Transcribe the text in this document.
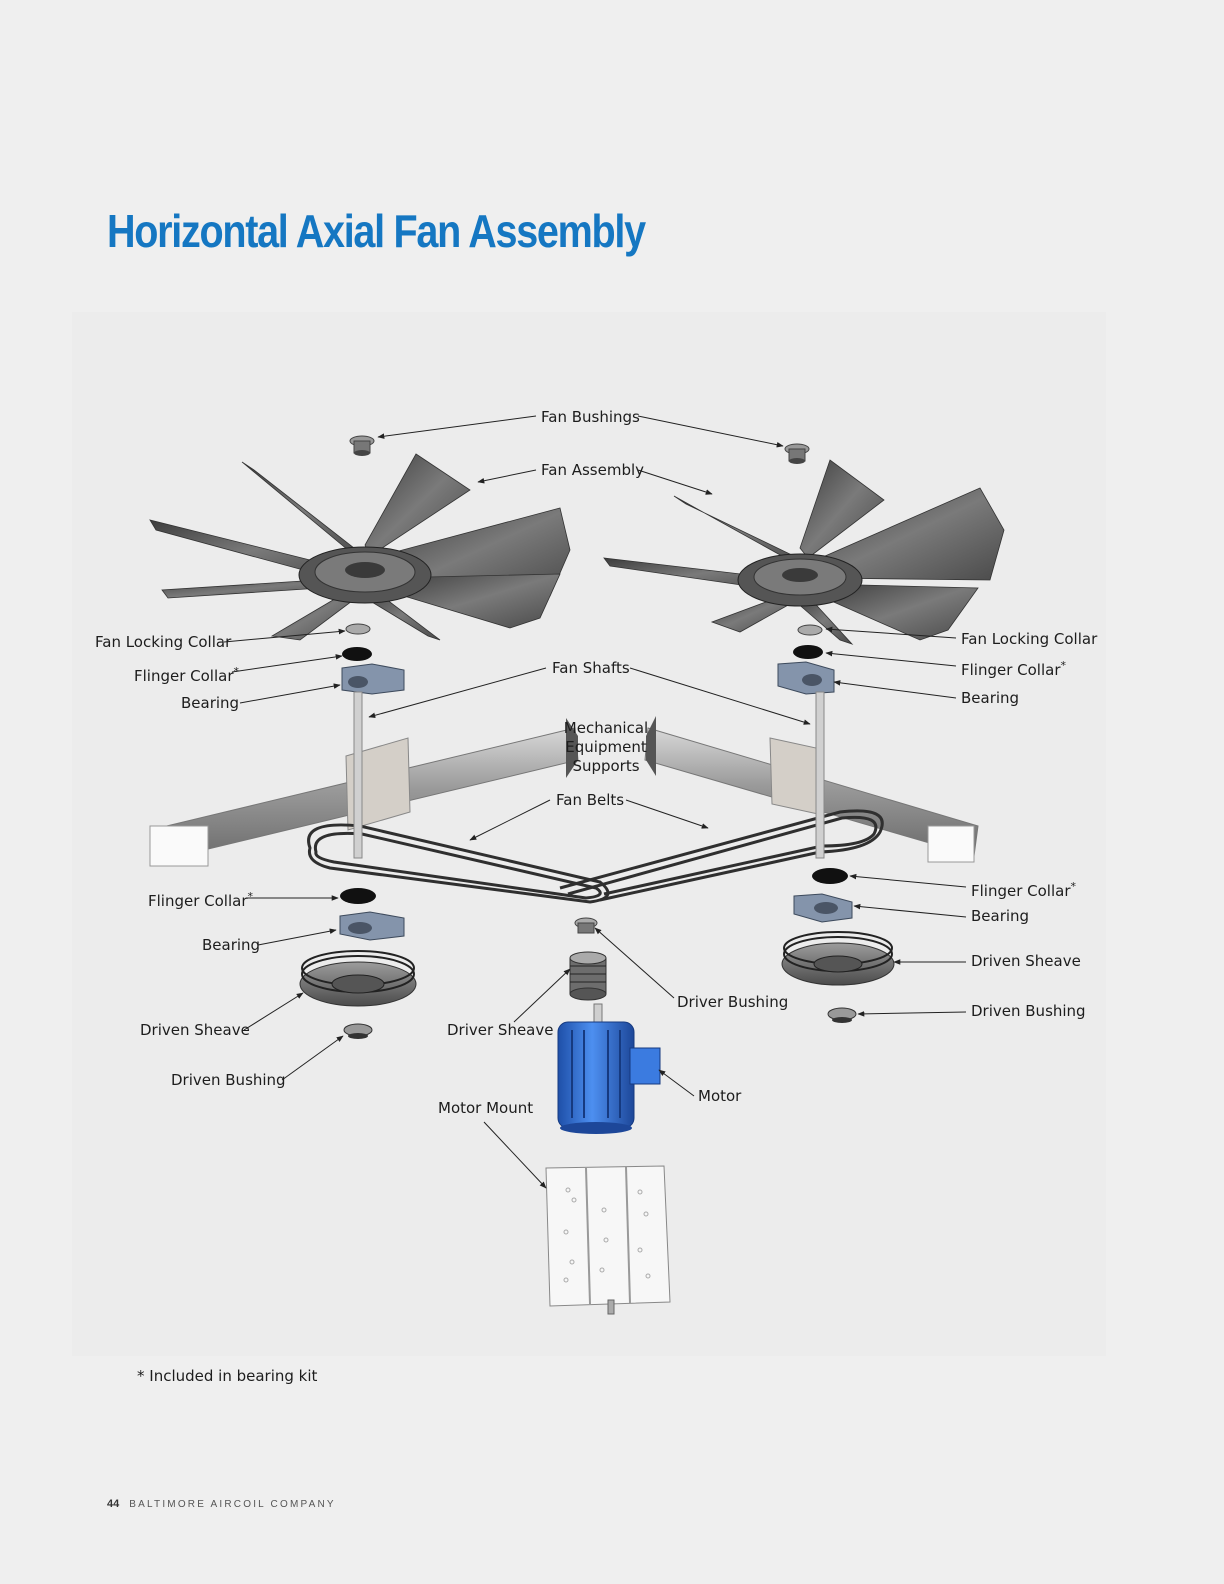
Horizontal Axial Fan Assembly
Fan Bushings
Fan Assembly
Fan Locking Collar
Flinger Collar*
Bearing
Fan Shafts
Fan Locking Collar
Flinger Collar*
Bearing
Mechanical
Equipment
Supports
Fan Belts
Flinger Collar*
Bearing
Driven Sheave
Driven Bushing
Driver Sheave
Driver Bushing
Motor
Motor Mount
Flinger Collar*
Bearing
Driven Sheave
Driven Bushing
* Included in bearing kit
44 BALTIMORE AIRCOIL COMPANY
